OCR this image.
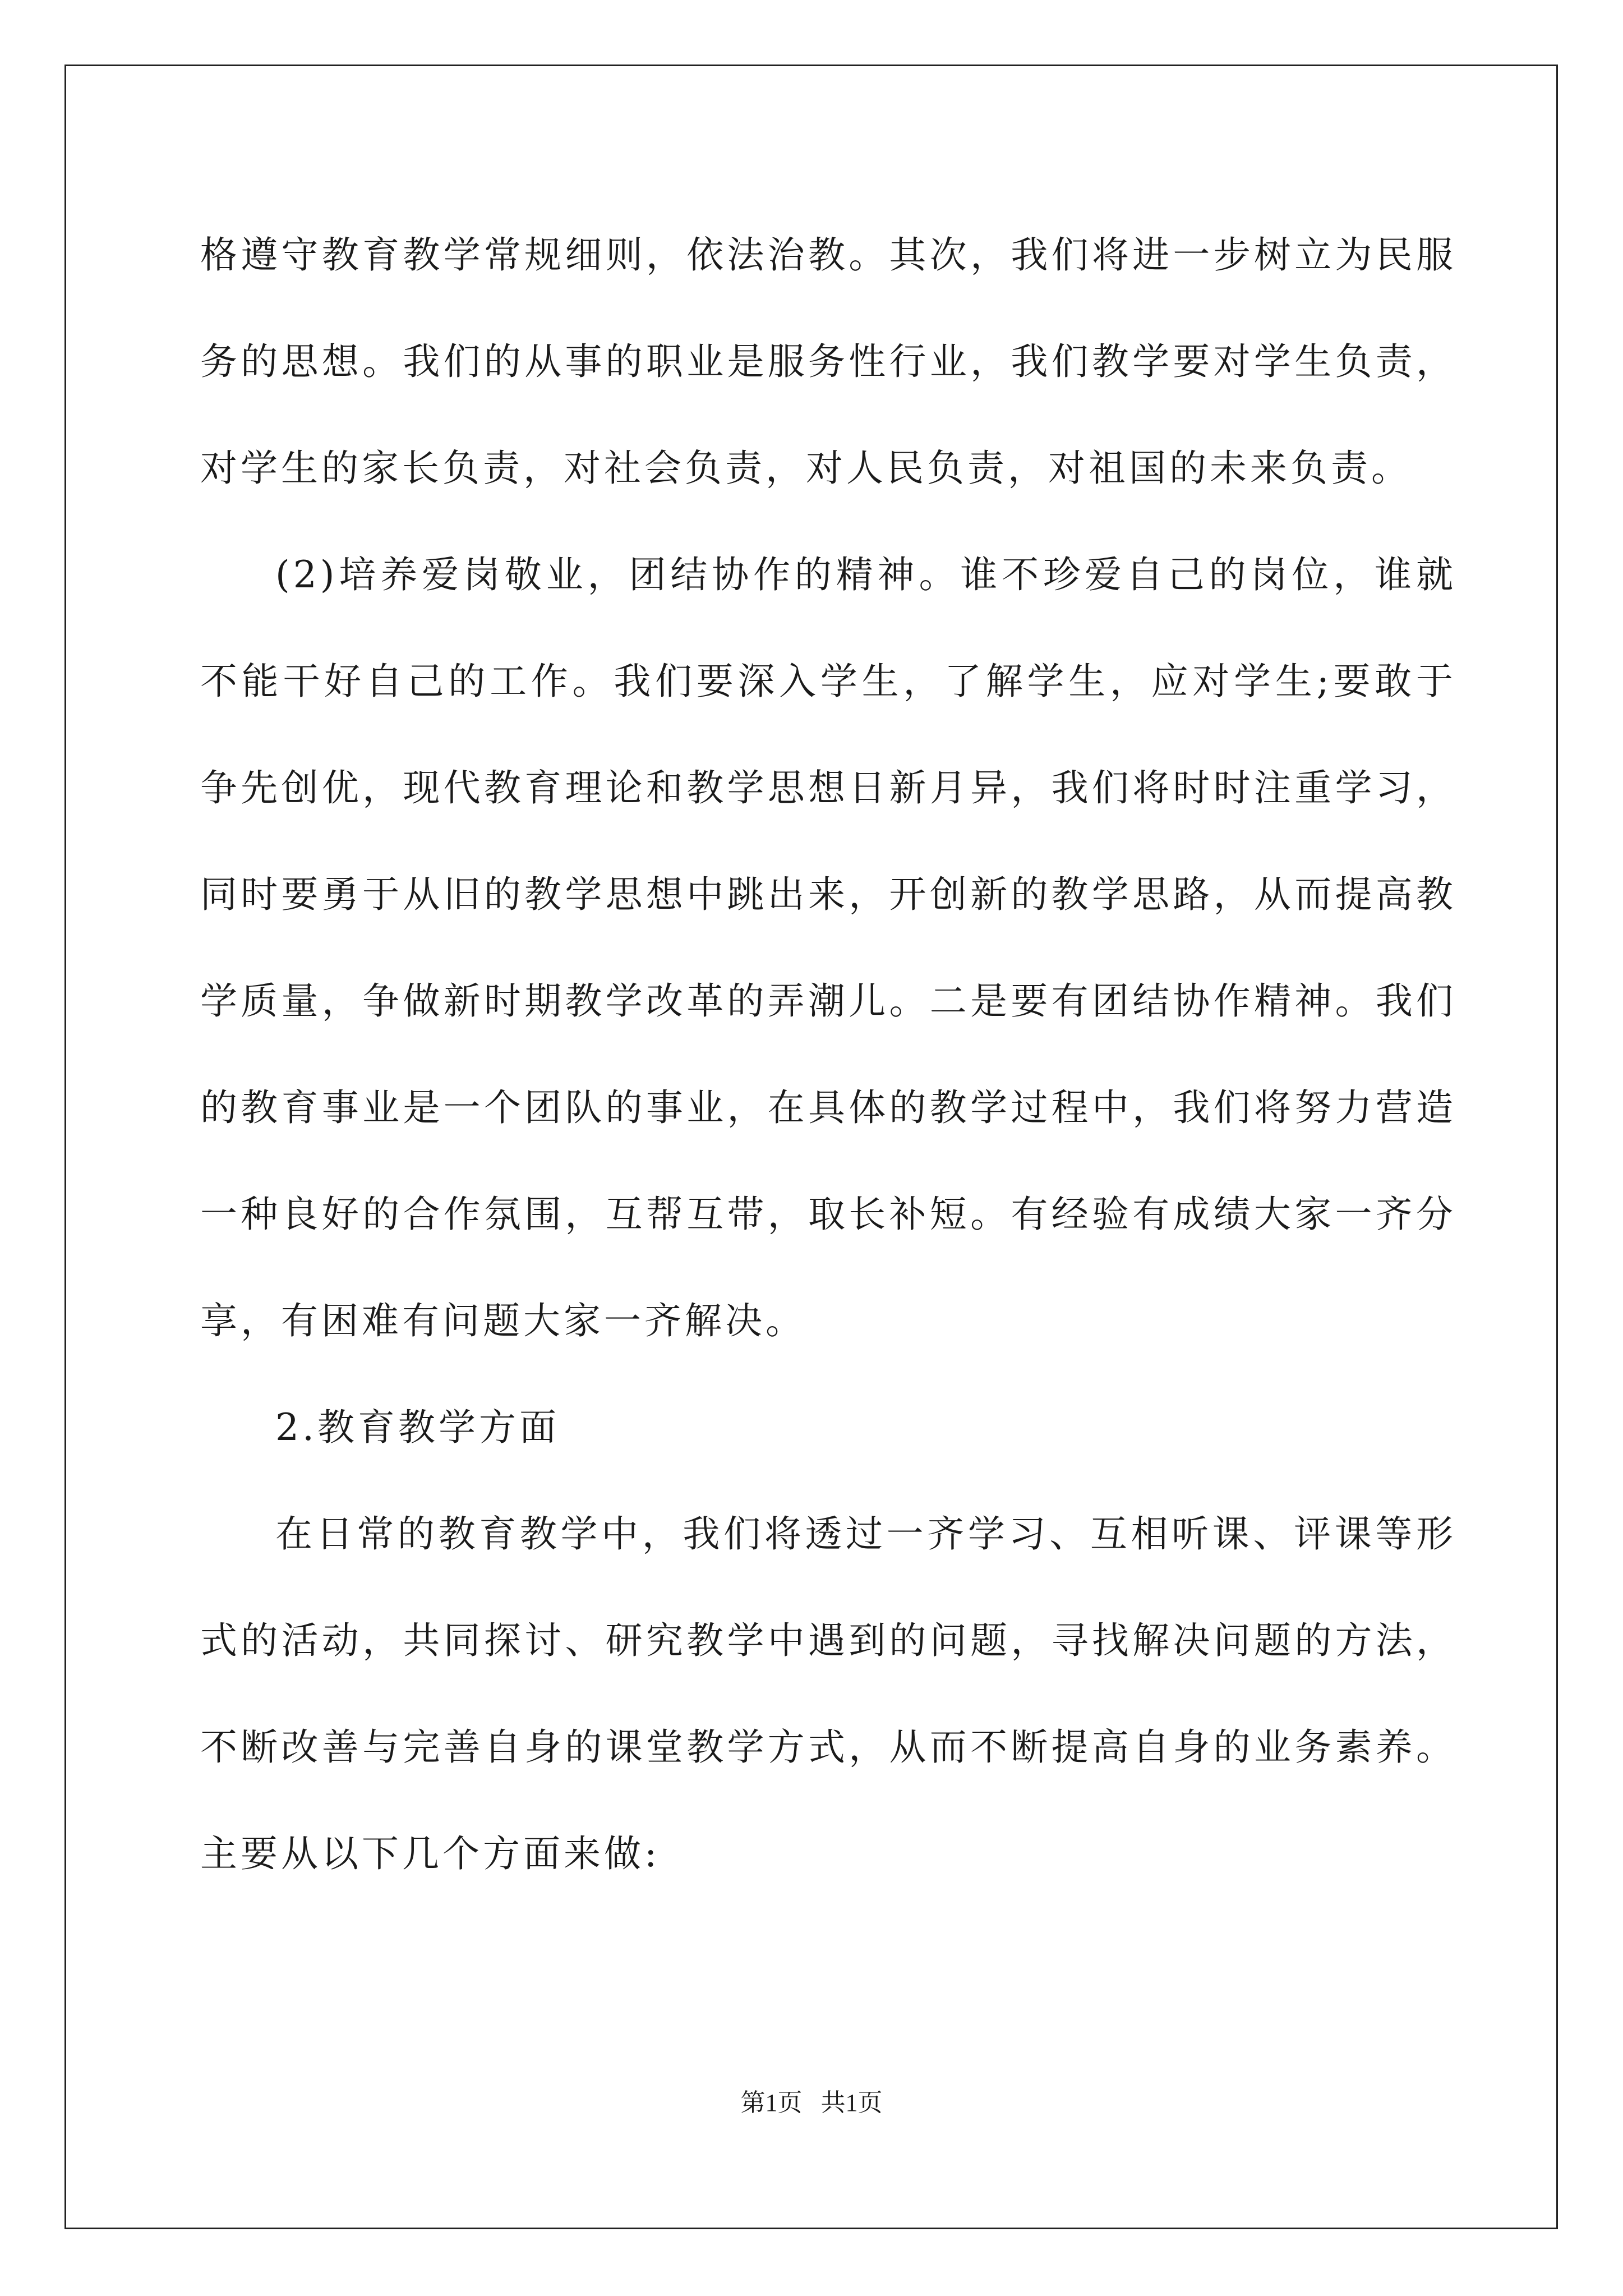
格遵守教育教学常规细则，依法治教。其次，我们将进一步树立为民服务的思想。我们的从事的职业是服务性行业，我们教学要对学生负责，对学生的家长负责，对社会负责，对人民负责，对祖国的未来负责。

(2)培养爱岗敬业，团结协作的精神。谁不珍爱自己的岗位，谁就不能干好自己的工作。我们要深入学生，了解学生，应对学生;要敢于争先创优，现代教育理论和教学思想日新月异，我们将时时注重学习，同时要勇于从旧的教学思想中跳出来，开创新的教学思路，从而提高教学质量，争做新时期教学改革的弄潮儿。二是要有团结协作精神。我们的教育事业是一个团队的事业，在具体的教学过程中，我们将努力营造一种良好的合作氛围，互帮互带，取长补短。有经验有成绩大家一齐分享，有困难有问题大家一齐解决。

2.教育教学方面

在日常的教育教学中，我们将透过一齐学习、互相听课、评课等形式的活动，共同探讨、研究教学中遇到的问题，寻找解决问题的方法，不断改善与完善自身的课堂教学方式，从而不断提高自身的业务素养。主要从以下几个方面来做:

第1页   共1页
